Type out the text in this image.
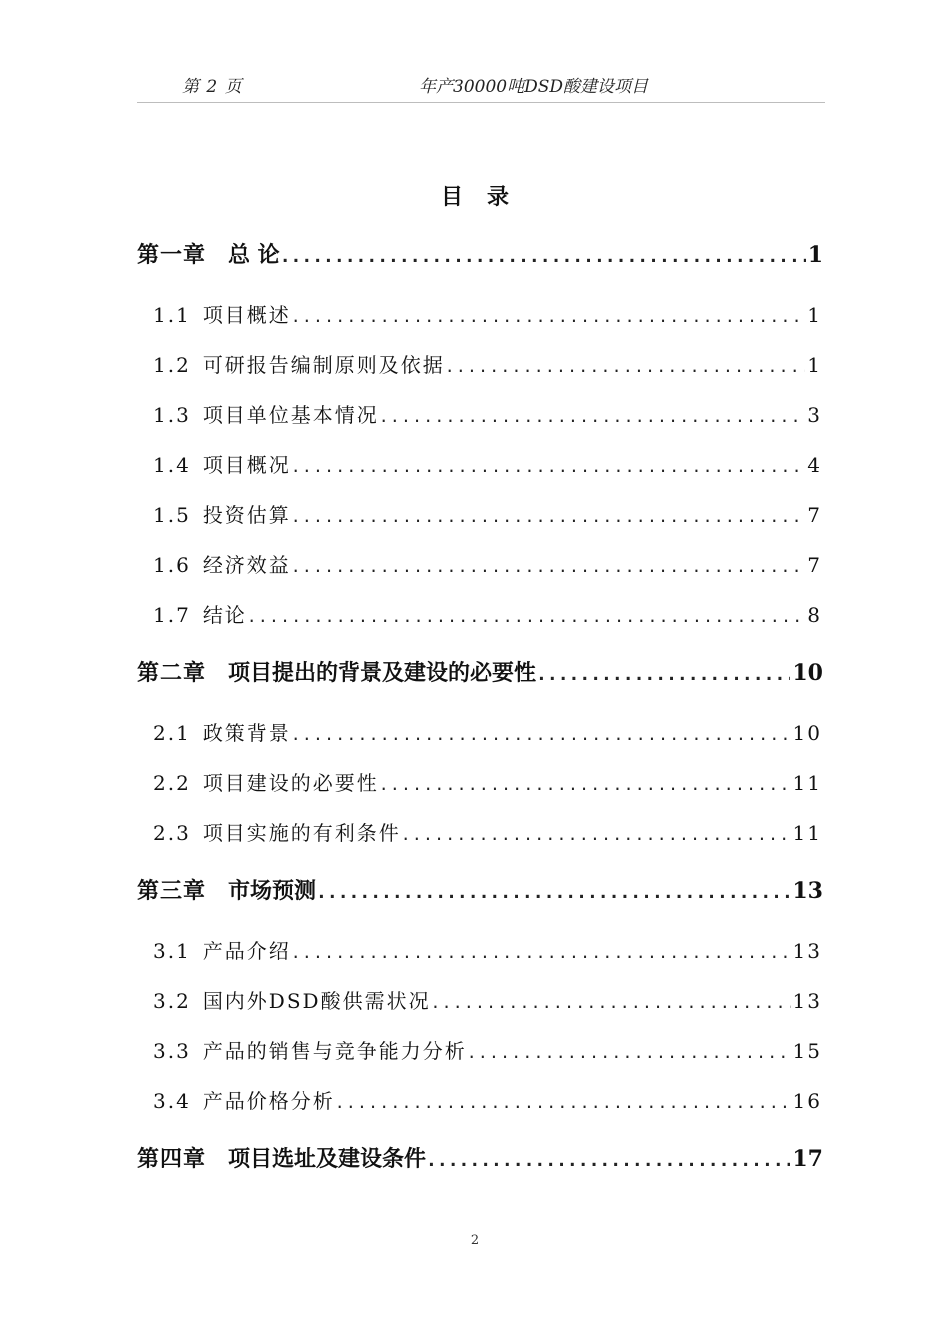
第 2 页	年产30000吨DSD酸建设项目
目录
第一章 总 论 .....	1
1.1 项目概述 .....	1
1.2 可研报告编制原则及依据 .....	1
1.3 项目单位基本情况 .....	3
1.4 项目概况 .....	4
1.5 投资估算 .....	7
1.6 经济效益 .....	7
1.7 结论 .....	8
第二章 项目提出的背景及建设的必要性 .....	10
2.1 政策背景 .....	10
2.2 项目建设的必要性 .....	11
2.3 项目实施的有利条件 .....	11
第三章 市场预测 .....	13
3.1 产品介绍 .....	13
3.2 国内外DSD酸供需状况 .....	13
3.3 产品的销售与竞争能力分析 .....	15
3.4 产品价格分析 .....	16
第四章 项目选址及建设条件 .....	17
2
